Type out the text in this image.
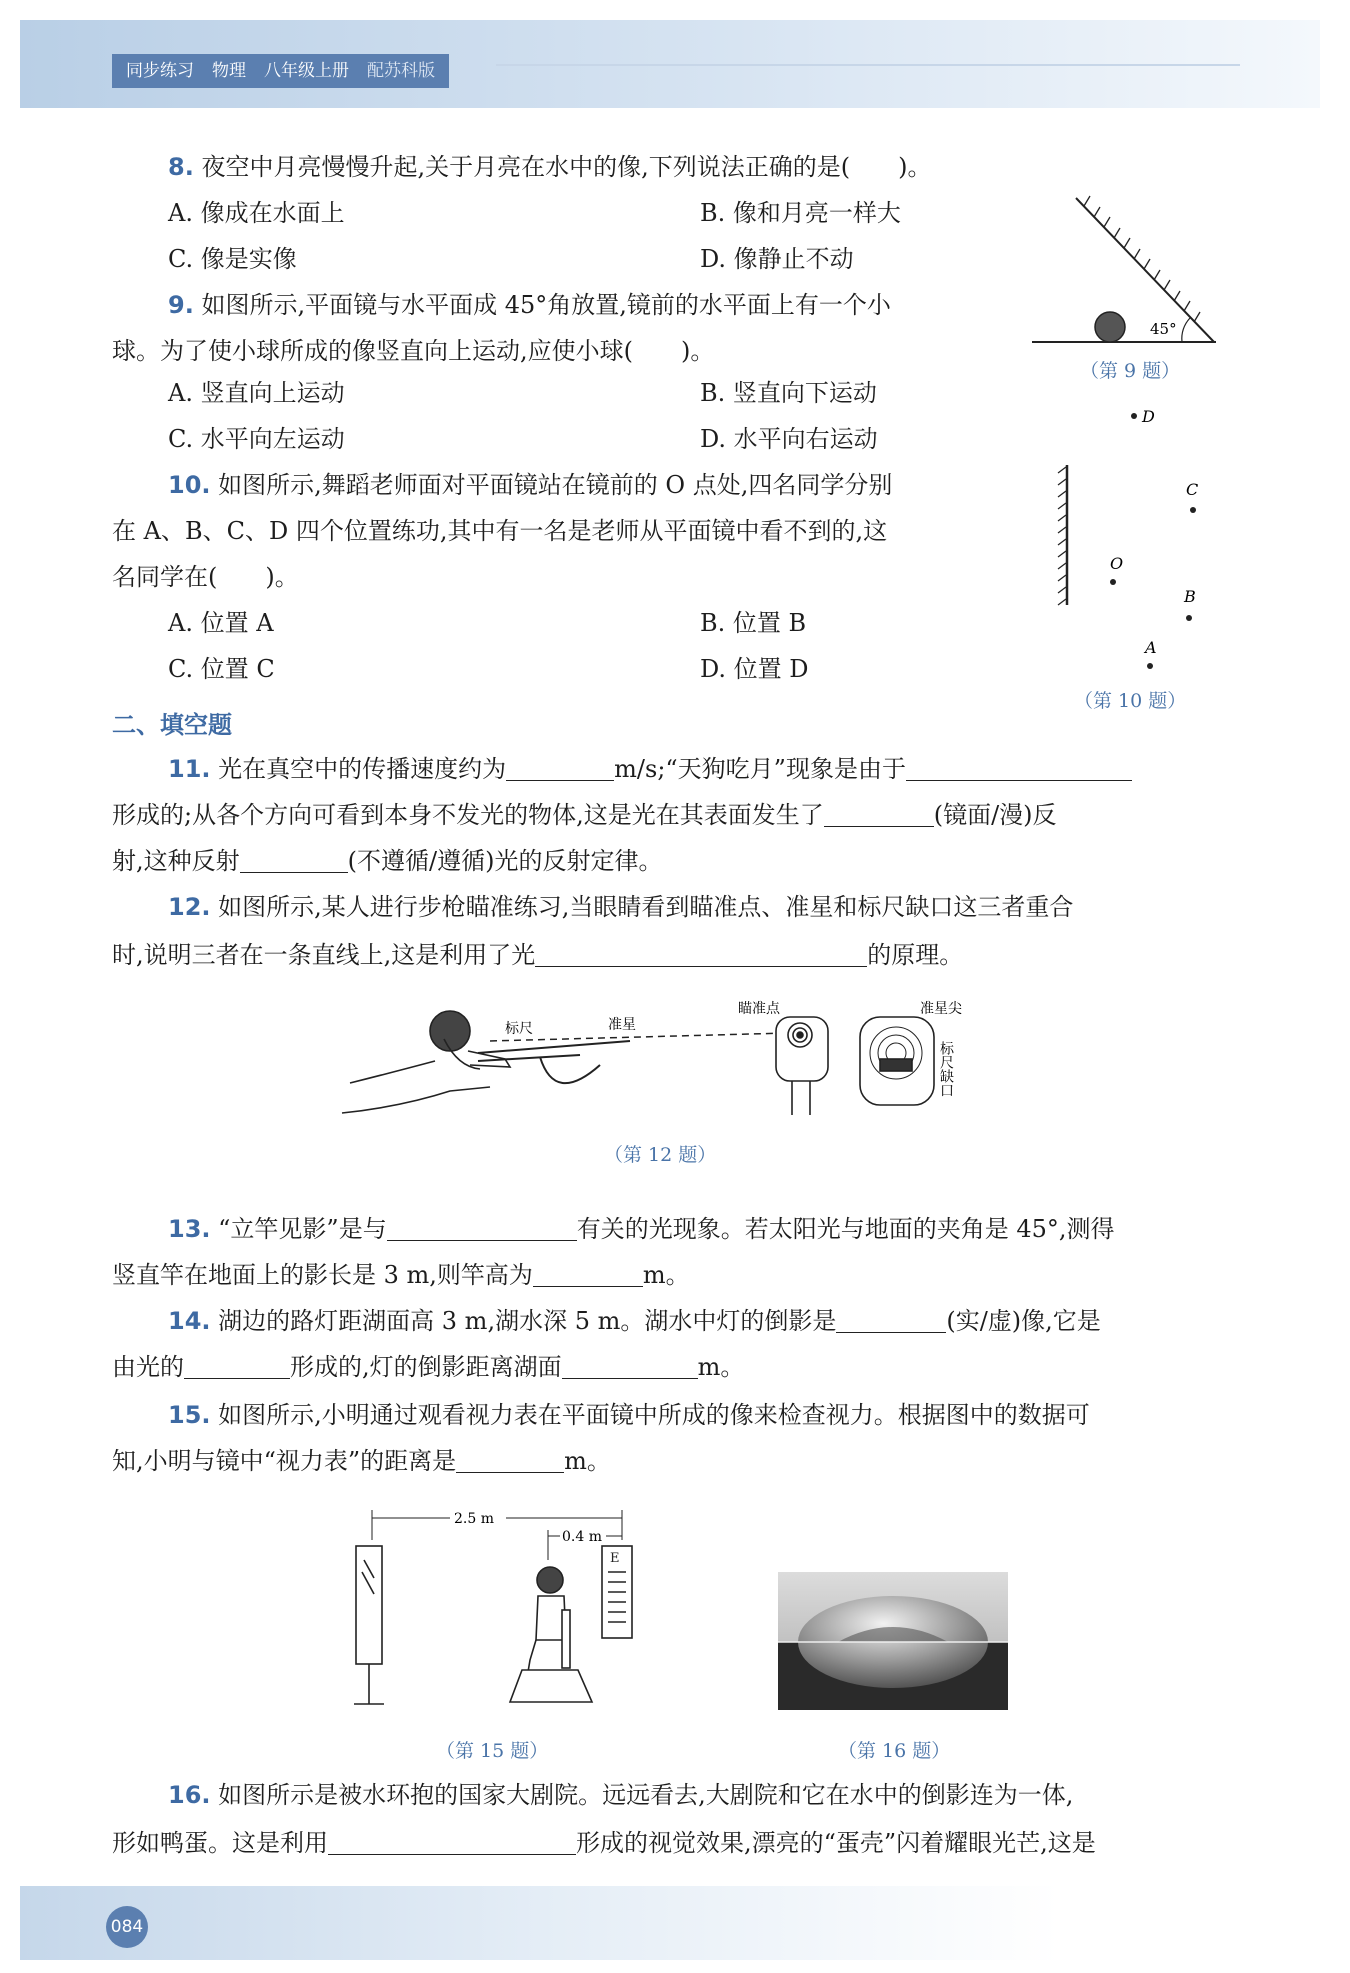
同步练习 物理 八年级上册 配苏科版
8. 夜空中月亮慢慢升起,关于月亮在水中的像,下列说法正确的是(　　)。
A. 像成在水面上	B. 像和月亮一样大
C. 像是实像	D. 像静止不动
9. 如图所示,平面镜与水平面成 45°角放置,镜前的水平面上有一个小
球。为了使小球所成的像竖直向上运动,应使小球(　　)。
A. 竖直向上运动	B. 竖直向下运动
C. 水平向左运动	D. 水平向右运动
45°
（第 9 题）
10. 如图所示,舞蹈老师面对平面镜站在镜前的 O 点处,四名同学分别
在 A、B、C、D 四个位置练功,其中有一名是老师从平面镜中看不到的,这
名同学在(　　)。
A. 位置 A	B. 位置 B
C. 位置 C	D. 位置 D
D
C
O
B
A
（第 10 题）
二、填空题
11. 光在真空中的传播速度约为	m/s;“天狗吃月”现象是由于
形成的;从各个方向可看到本身不发光的物体,这是光在其表面发生了	(镜面/漫)反
射,这种反射	(不遵循/遵循)光的反射定律。
12. 如图所示,某人进行步枪瞄准练习,当眼睛看到瞄准点、准星和标尺缺口这三者重合
时,说明三者在一条直线上,这是利用了光	的原理。
标尺	准星
瞄准点	准星尖
标尺缺口
（第 12 题）
13. “立竿见影”是与	有关的光现象。若太阳光与地面的夹角是 45°,测得
竖直竿在地面上的影长是 3 m,则竿高为	m。
14. 湖边的路灯距湖面高 3 m,湖水深 5 m。湖水中灯的倒影是	(实/虚)像,它是
由光的	形成的,灯的倒影距离湖面	m。
15. 如图所示,小明通过观看视力表在平面镜中所成的像来检查视力。根据图中的数据可
知,小明与镜中“视力表”的距离是	m。
2.5 m
0.4 m
Е
（第 15 题）	（第 16 题）
16. 如图所示是被水环抱的国家大剧院。远远看去,大剧院和它在水中的倒影连为一体,
形如鸭蛋。这是利用	形成的视觉效果,漂亮的“蛋壳”闪着耀眼光芒,这是
084
